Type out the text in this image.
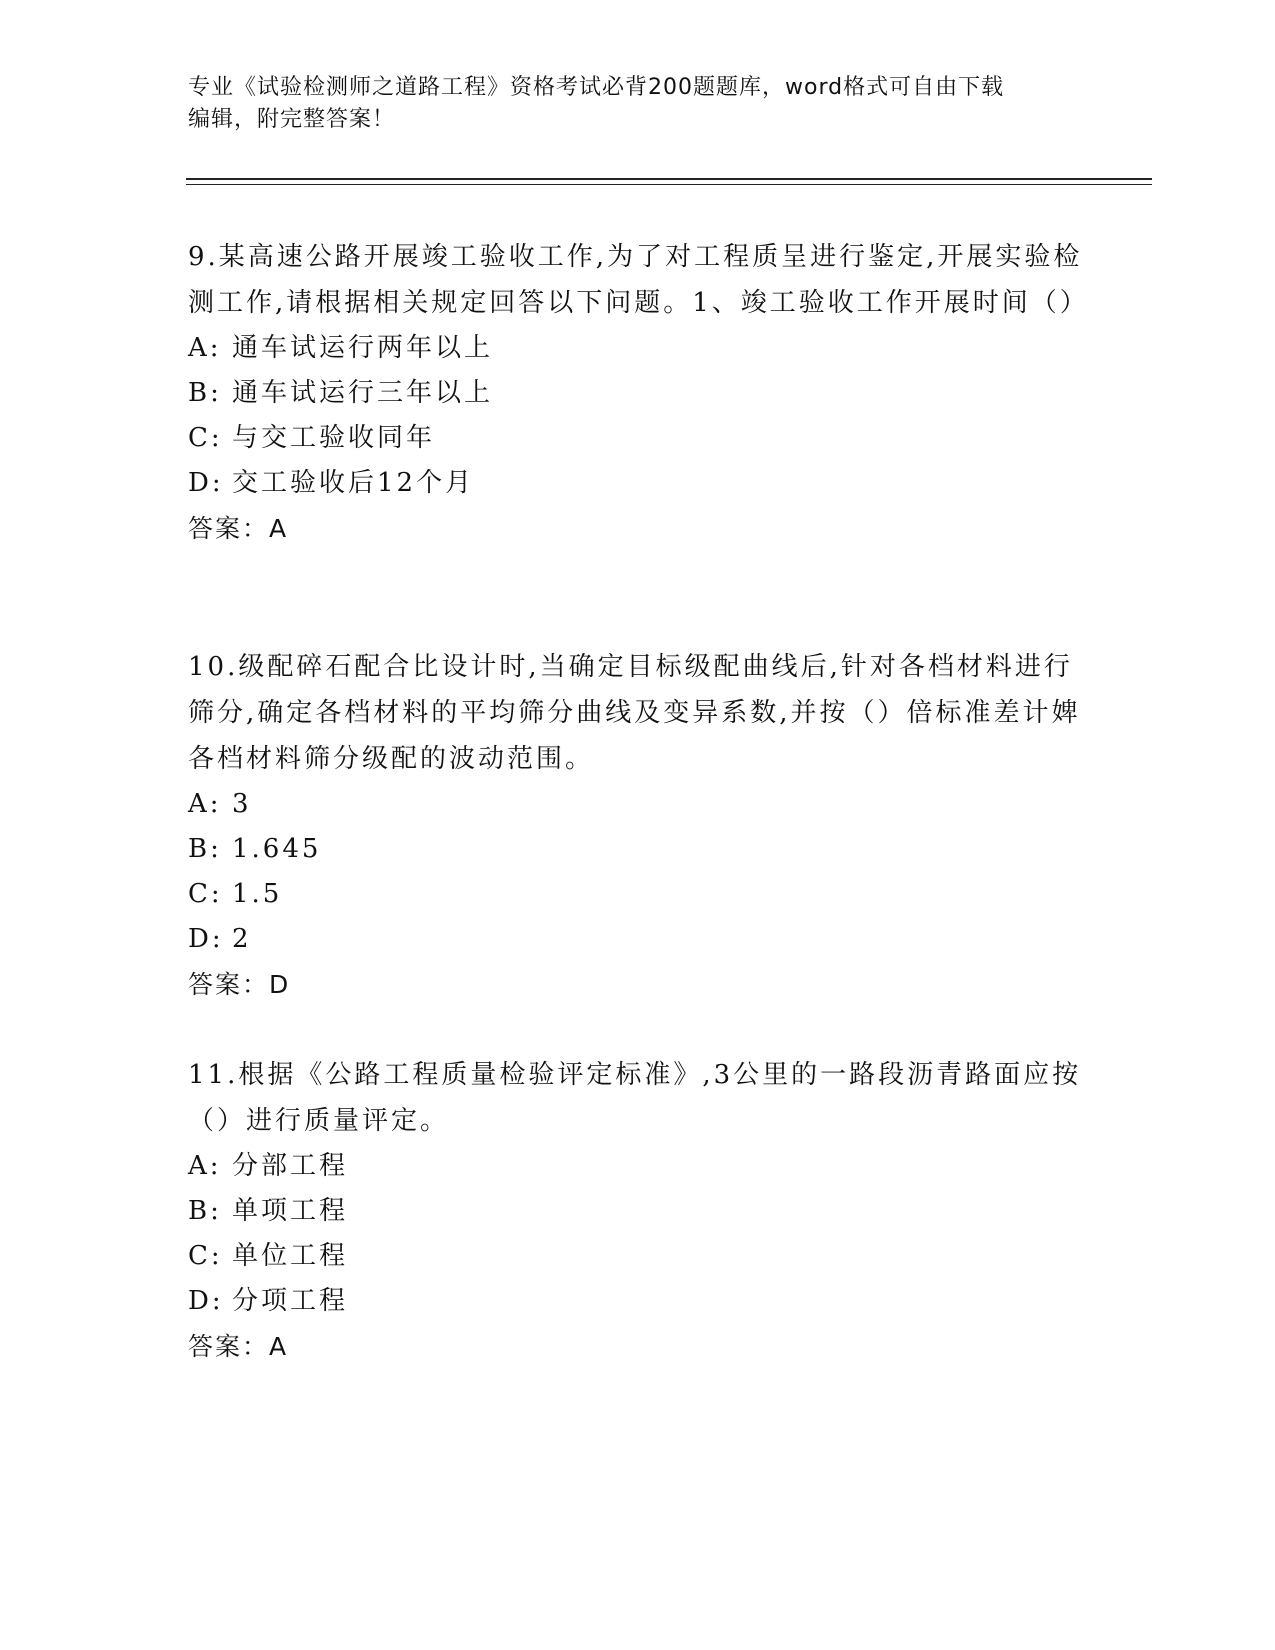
专业《试验检测师之道路工程》资格考试必背200题题库，word格式可自由下载
编辑，附完整答案！
9.某高速公路开展竣工验收工作,为了对工程质呈进行鉴定,开展实验检测工作,请根据相关规定回答以下问题。1、竣工验收工作开展时间（）
A: 通车试运行两年以上
B: 通车试运行三年以上
C: 与交工验收同年
D: 交工验收后12个月
答案：A
10.级配碎石配合比设计时,当确定目标级配曲线后,针对各档材料进行筛分,确定各档材料的平均筛分曲线及变异系数,并按（）倍标准差计婢各档材料筛分级配的波动范围。
A: 3
B: 1.645
C: 1.5
D: 2
答案：D
11.根据《公路工程质量检验评定标准》,3公里的一路段沥青路面应按（）进行质量评定。
A: 分部工程
B: 单项工程
C: 单位工程
D: 分项工程
答案：A
